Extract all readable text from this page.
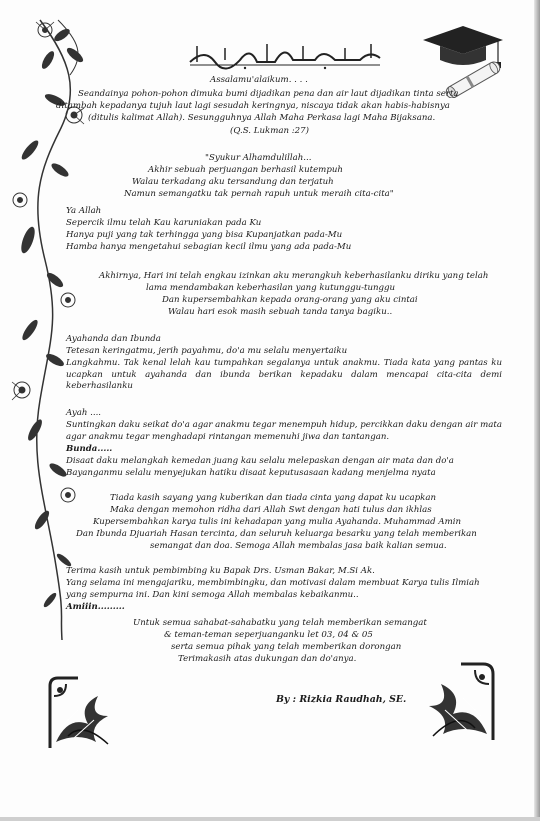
Assalamu'alaikum. . . .
Seandainya pohon-pohon dimuka bumi dijadikan pena dan air laut dijadikan tinta serta
ditambah kepadanya tujuh laut lagi sesudah keringnya, niscaya tidak akan habis-habisnya
(ditulis kalimat Allah). Sesungguhnya Allah Maha Perkasa lagi Maha Bijaksana.
(Q.S. Lukman :27)
"Syukur Alhamdulillah...
Akhir sebuah perjuangan berhasil kutempuh
Walau terkadang aku tersandung dan terjatuh
Namun semangatku tak pernah rapuh untuk meraih cita-cita"
Ya Allah
Sepercik ilmu telah Kau karuniakan pada Ku
Hanya puji yang tak terhingga yang bisa Kupanjatkan pada-Mu
Hamba hanya mengetahui sebagian kecil ilmu yang ada pada-Mu
Akhirnya, Hari ini telah engkau izinkan aku merangkuh keberhasilanku diriku yang telah
lama mendambakan keberhasilan yang kutunggu-tunggu
Dan kupersembahkan kepada orang-orang yang aku cintai
Walau hari esok masih sebuah tanda tanya bagiku..
Ayahanda dan Ibunda
Tetesan keringatmu, jerih payahmu, do'a mu selalu menyertaiku
Langkahmu. Tak kenal lelah kau tumpahkan segalanya untuk anakmu. Tiada kata yang pantas ku ucapkan untuk ayahanda dan ibunda berikan kepadaku dalam mencapai cita-cita demi keberhasilanku
Ayah ....
Suntingkan daku seikat do'a agar anakmu tegar menempuh hidup, percikkan daku dengan air mata agar anakmu tegar menghadapi rintangan memenuhi jiwa dan tantangan.
Bunda.....
Disaat daku melangkah kemedan juang kau selalu melepaskan dengan air mata dan do'a
Bayanganmu selalu menyejukan hatiku disaat keputusasaan kadang menjelma nyata
Tiada kasih sayang yang kuberikan dan tiada cinta yang dapat ku ucapkan
Maka dengan memohon ridha dari Allah Swt dengan hati tulus dan ikhlas
Kupersembahkan karya tulis ini kehadapan yang mulia Ayahanda. Muhammad Amin
Dan Ibunda Djuariah Hasan tercinta, dan seluruh keluarga besarku yang telah memberikan
semangat dan doa. Semoga Allah membalas jasa baik kalian semua.
Terima kasih untuk pembimbing ku Bapak Drs. Usman Bakar, M.Si Ak.
Yang selama ini mengajariku, membimbingku, dan motivasi dalam membuat Karya tulis Ilmiah
yang sempurna ini. Dan kini semoga Allah membalas kebaikanmu..
Amiiin.........
Untuk semua sahabat-sahabatku yang telah memberikan semangat
& teman-teman seperjuanganku let 03, 04 & 05
serta semua pihak yang telah memberikan dorongan
Terimakasih atas dukungan dan do'anya.
By : Rizkia Raudhah, SE.
